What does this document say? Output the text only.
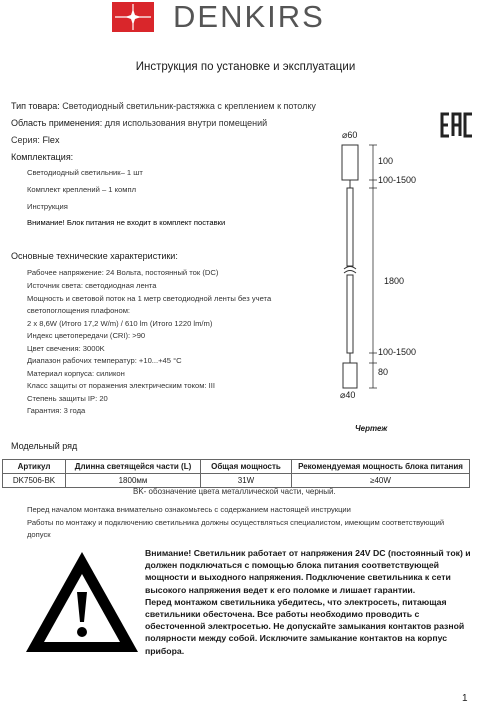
DENKIRS
Инструкция по установке и эксплуатации
Тип товара: Светодиодный светильник-растяжка с креплением к потолку
Область применения: для использования внутри помещений
Серия: Flex
Комплектация:
Светодиодный светильник– 1 шт
Комплект креплений – 1 компл
Инструкция
Внимание! Блок питания не входит в комплект поставки
Основные технические характеристики:
Рабочее напряжение: 24 Вольта, постоянный ток (DC)
Источник света: светодиодная лента
Мощность и световой поток на 1 метр светодиодной ленты без учета
светопоглощения плафоном:
2 х 8,6W (Итого 17,2 W/m) / 610 lm (Итого 1220 lm/m)
Индекс цветопередачи (CRI): >90
Цвет свечения: 3000K
Диапазон рабочих температур: +10...+45 °C
Материал корпуса: силикон
Класс защиты от поражения электрическим током: III
Степень защиты IP: 20
Гарантия: 3 года
⌀60
100
100-1500
1800
100-1500
80
⌀40
Чертеж
Модельный ряд
Артикул	Длинна светящейся части (L)	Общая мощность	Рекомендуемая мощность блока питания
DK7506-BK	1800мм	31W	≥40W
BK- обозначение цвета металлической части, черный.
Перед началом монтажа внимательно ознакомьтесь с содержанием настоящей инструкции
Работы по монтажу и подключению светильника должны осуществляться специалистом, имеющим соответствующий
допуск

Внимание! Светильник работает от напряжения 24V DC (постоянный ток) и должен подключаться с помощью блока питания соответствующей мощности и выходного напряжения. Подключение светильника к сети высокого напряжения ведет к его поломке и лишает гарантии.

Перед монтажом светильника убедитесь, что электросеть, питающая светильники обесточена. Все работы необходимо проводить с обесточенной электросетью. Не допускайте замыкания контактов разной полярности между собой. Исключите замыкание контактов на корпус прибора.

1
